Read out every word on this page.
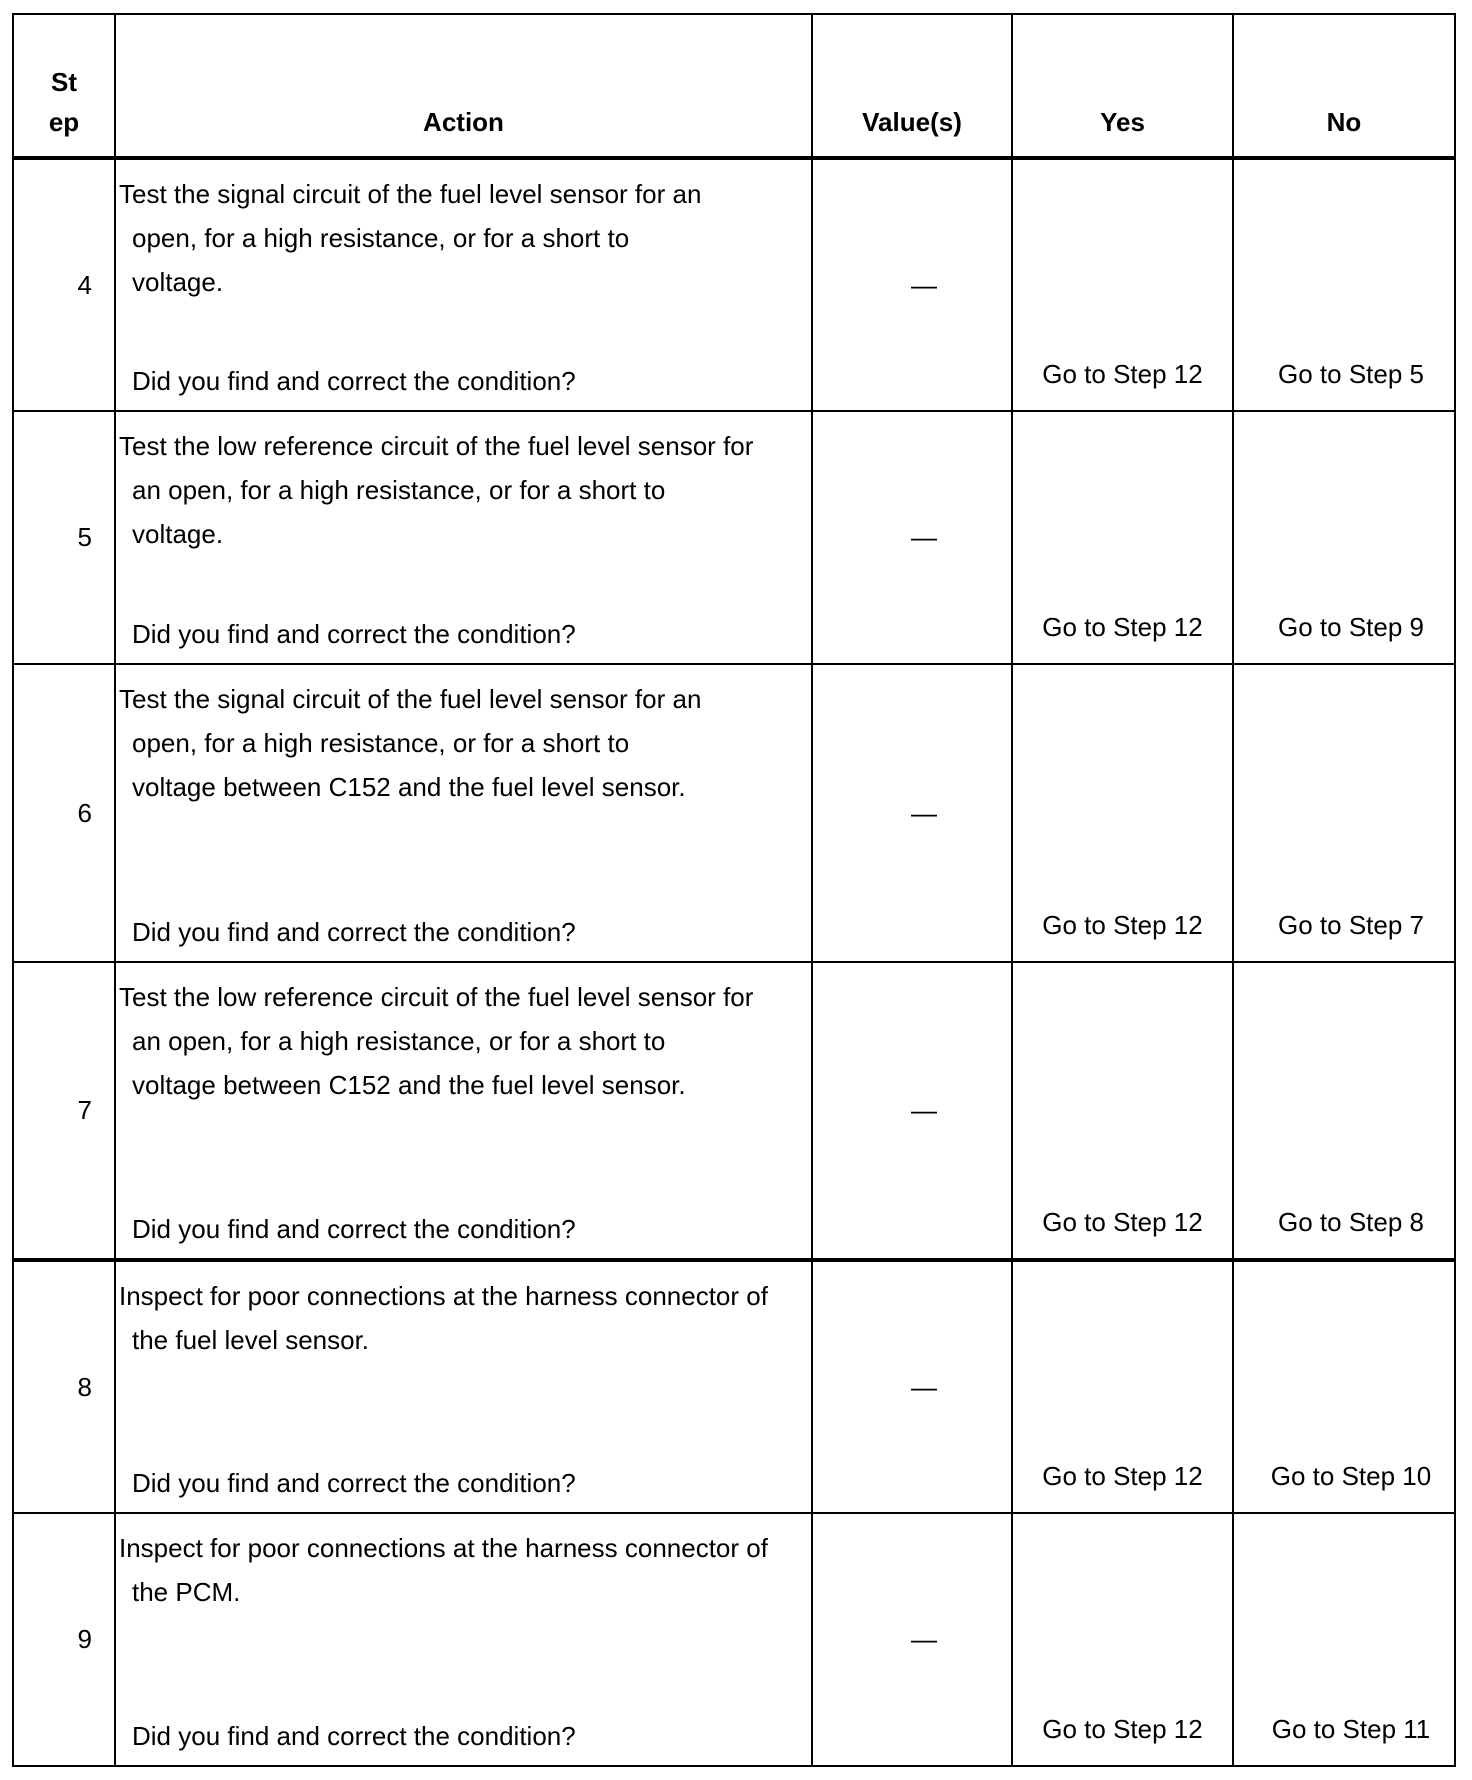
St
ep	Action	Value(s)	Yes	No
4	Test the signal circuit of the fuel level sensor for an
open, for a high resistance, or for a short to
voltage.
Did you find and correct the condition?	—	Go to Step 12	Go to Step 5
5	Test the low reference circuit of the fuel level sensor for
an open, for a high resistance, or for a short to
voltage.
Did you find and correct the condition?	—	Go to Step 12	Go to Step 9
6	Test the signal circuit of the fuel level sensor for an
open, for a high resistance, or for a short to
voltage between C152 and the fuel level sensor.
Did you find and correct the condition?	—	Go to Step 12	Go to Step 7
7	Test the low reference circuit of the fuel level sensor for
an open, for a high resistance, or for a short to
voltage between C152 and the fuel level sensor.
Did you find and correct the condition?	—	Go to Step 12	Go to Step 8
8	Inspect for poor connections at the harness connector of
the fuel level sensor.
Did you find and correct the condition?	—	Go to Step 12	Go to Step 10
9	Inspect for poor connections at the harness connector of
the PCM.
Did you find and correct the condition?	—	Go to Step 12	Go to Step 11
